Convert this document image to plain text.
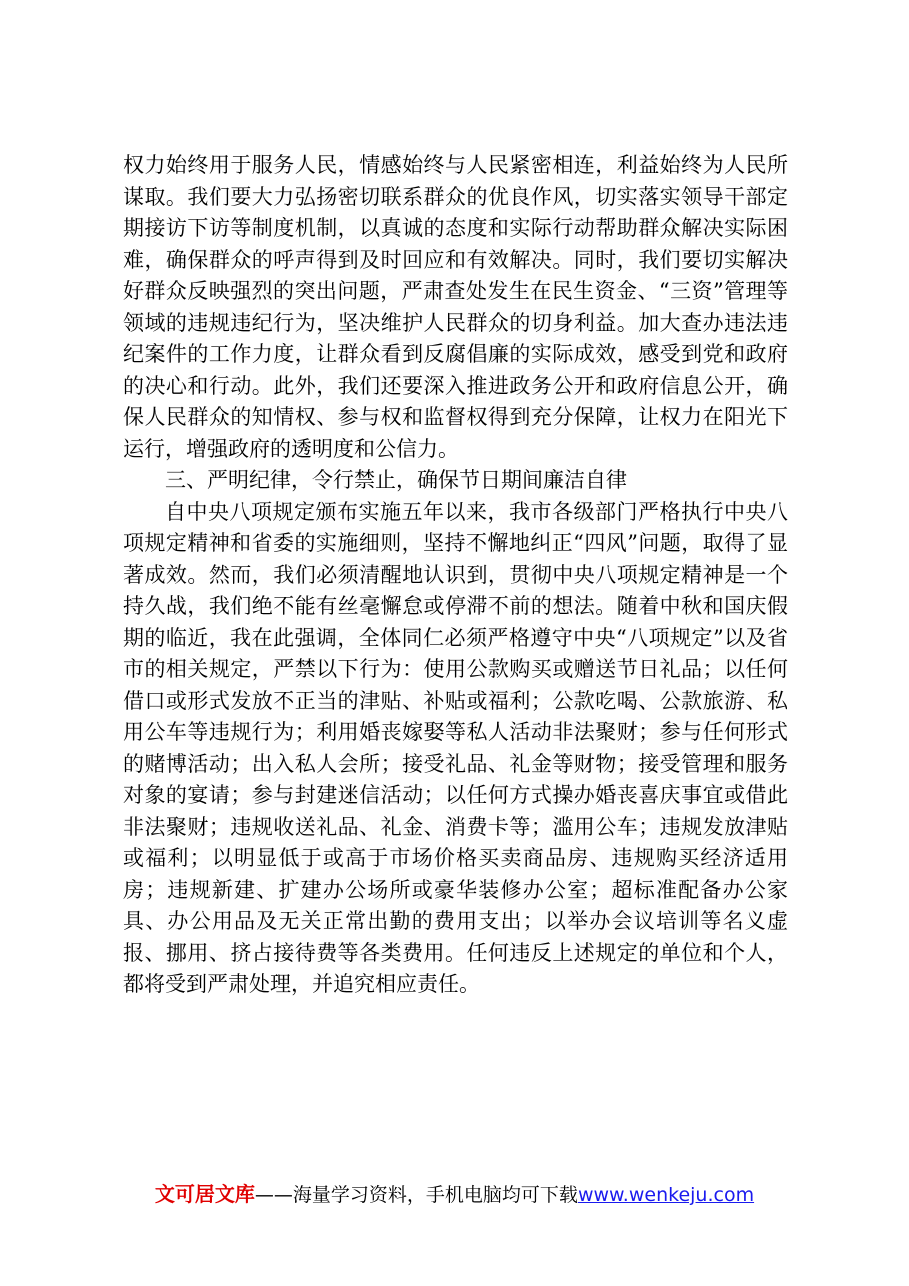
权力始终用于服务人民，情感始终与人民紧密相连，利益始终为人民所谋取。我们要大力弘扬密切联系群众的优良作风，切实落实领导干部定期接访下访等制度机制，以真诚的态度和实际行动帮助群众解决实际困难，确保群众的呼声得到及时回应和有效解决。同时，我们要切实解决好群众反映强烈的突出问题，严肃查处发生在民生资金、“三资”管理等领域的违规违纪行为，坚决维护人民群众的切身利益。加大查办违法违纪案件的工作力度，让群众看到反腐倡廉的实际成效，感受到党和政府的决心和行动。此外，我们还要深入推进政务公开和政府信息公开，确保人民群众的知情权、参与权和监督权得到充分保障，让权力在阳光下运行，增强政府的透明度和公信力。

三、严明纪律，令行禁止，确保节日期间廉洁自律

自中央八项规定颁布实施五年以来，我市各级部门严格执行中央八项规定精神和省委的实施细则，坚持不懈地纠正“四风”问题，取得了显著成效。然而，我们必须清醒地认识到，贯彻中央八项规定精神是一个持久战，我们绝不能有丝毫懈怠或停滞不前的想法。随着中秋和国庆假期的临近，我在此强调，全体同仁必须严格遵守中央“八项规定”以及省市的相关规定，严禁以下行为：使用公款购买或赠送节日礼品；以任何借口或形式发放不正当的津贴、补贴或福利；公款吃喝、公款旅游、私用公车等违规行为；利用婚丧嫁娶等私人活动非法聚财；参与任何形式的赌博活动；出入私人会所；接受礼品、礼金等财物；接受管理和服务对象的宴请；参与封建迷信活动；以任何方式操办婚丧喜庆事宜或借此非法聚财；违规收送礼品、礼金、消费卡等；滥用公车；违规发放津贴或福利；以明显低于或高于市场价格买卖商品房、违规购买经济适用房；违规新建、扩建办公场所或豪华装修办公室；超标准配备办公家具、办公用品及无关正常出勤的费用支出；以举办会议培训等名义虚报、挪用、挤占接待费等各类费用。任何违反上述规定的单位和个人，都将受到严肃处理，并追究相应责任。

文可居文库——海量学习资料，手机电脑均可下载www.wenkeju.com
